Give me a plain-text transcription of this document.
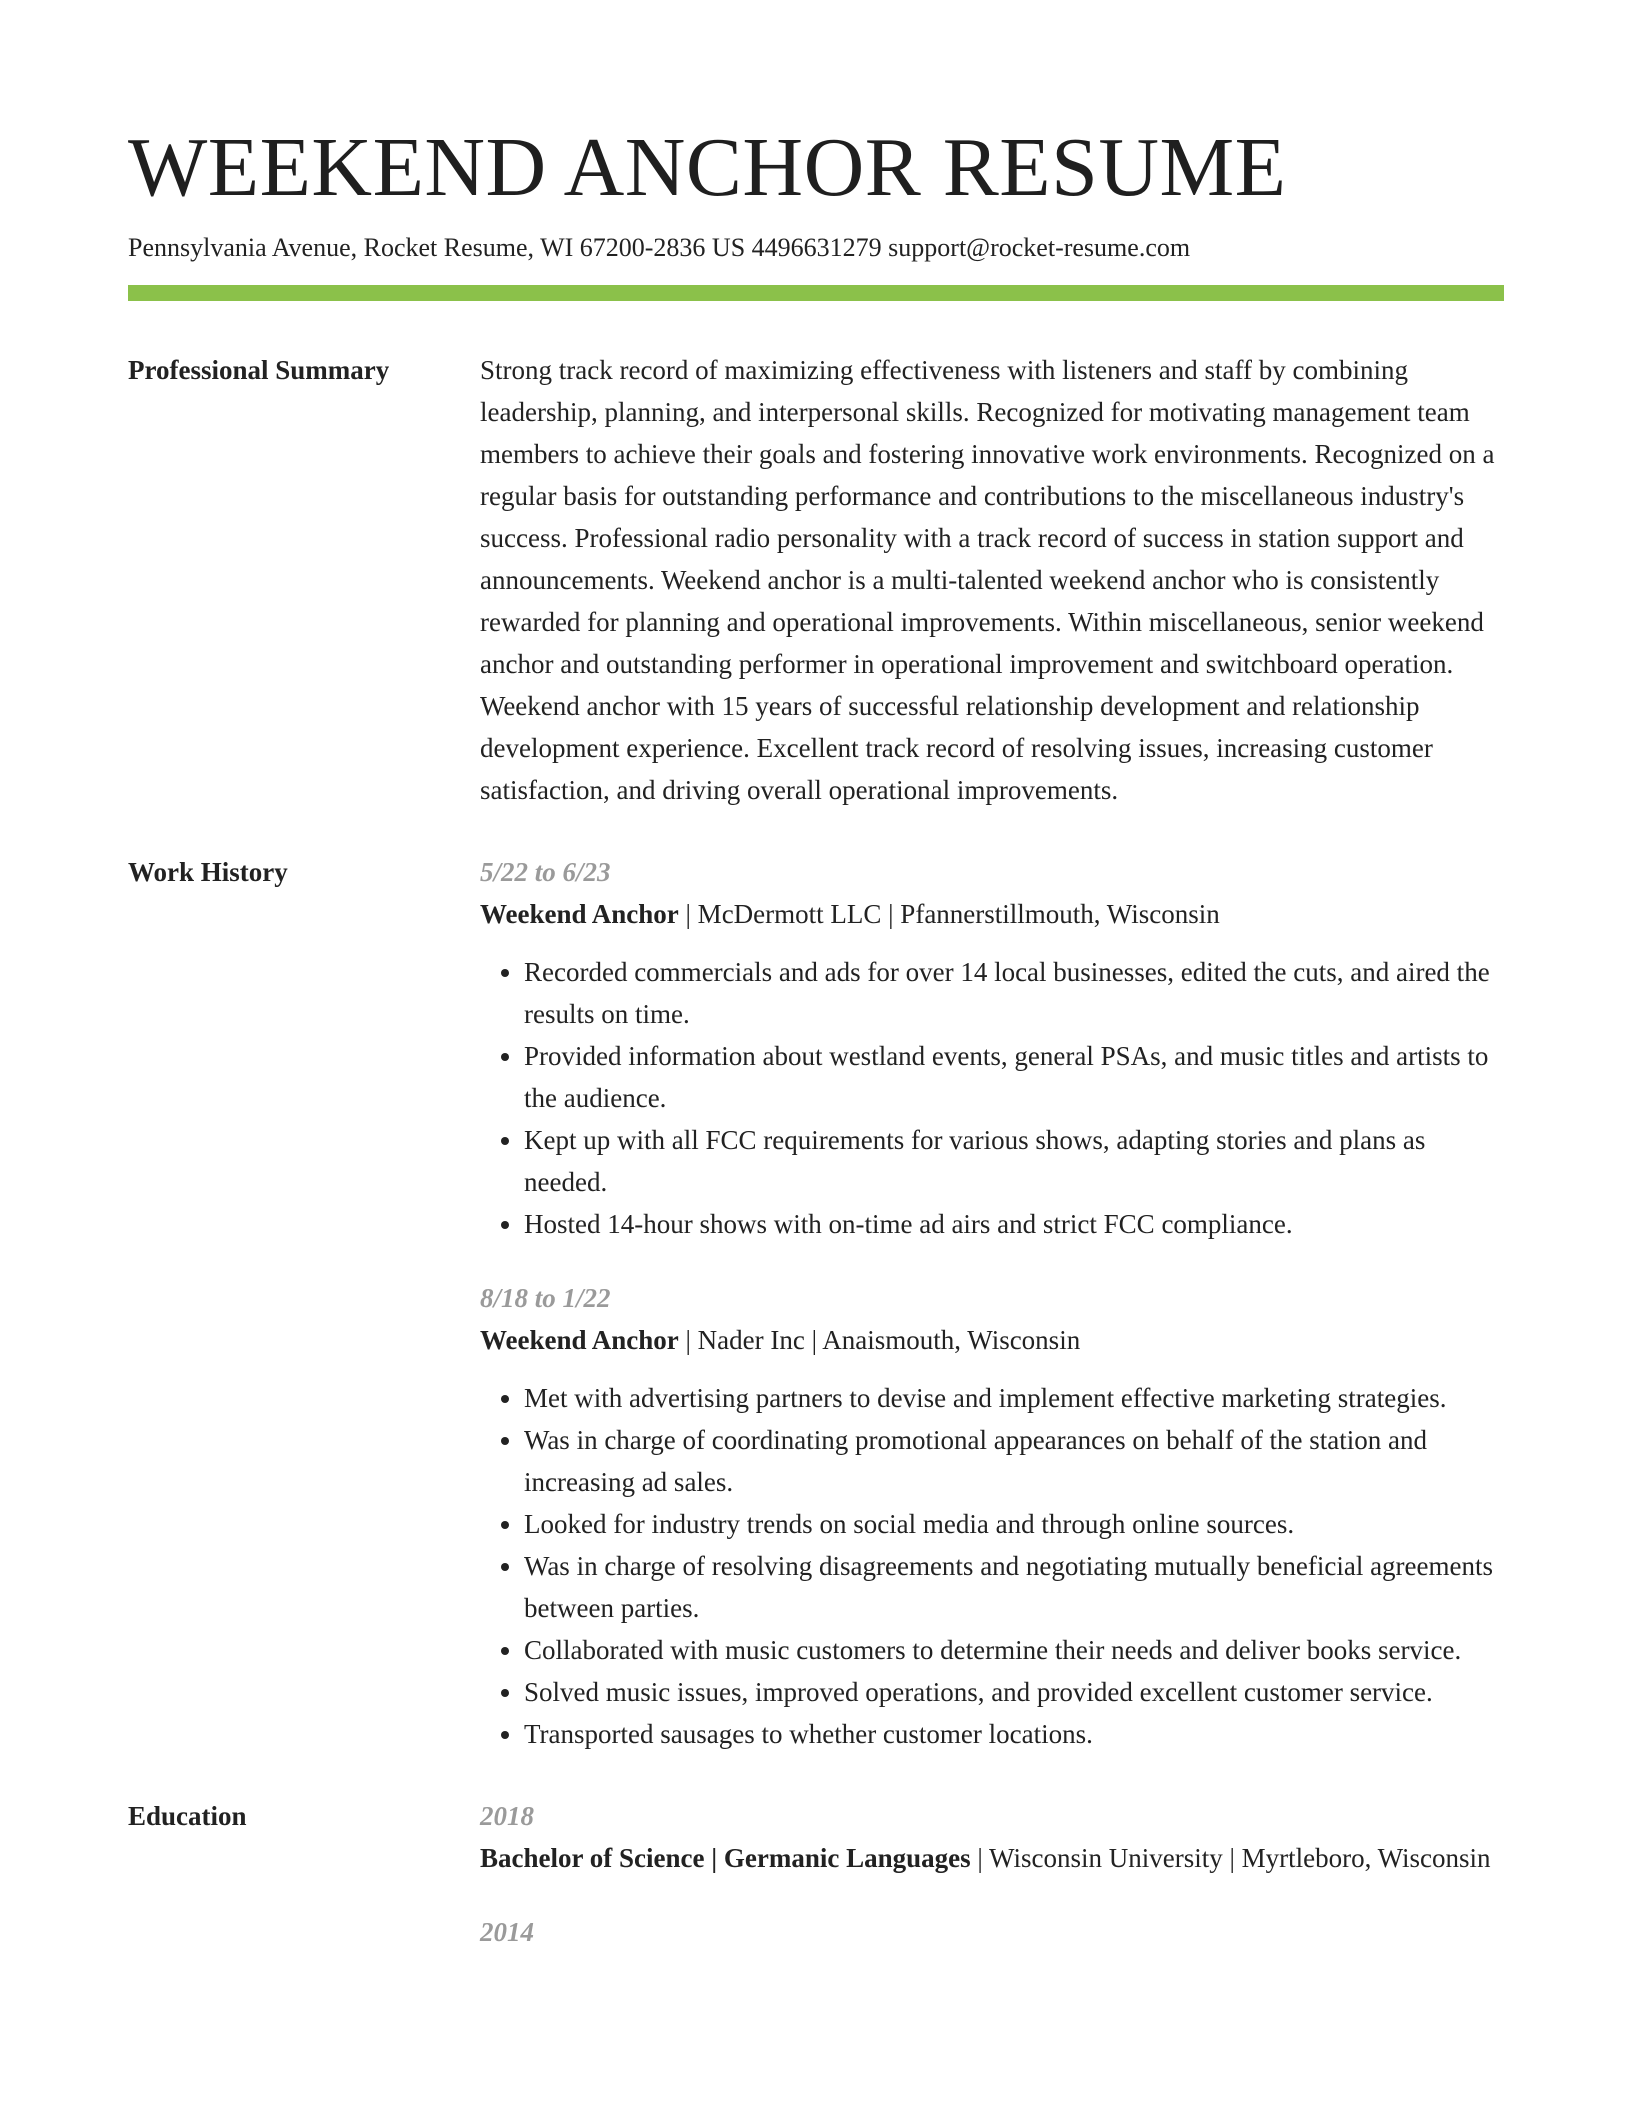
WEEKEND ANCHOR RESUME
Pennsylvania Avenue, Rocket Resume, WI 67200-2836 US 4496631279 support@rocket-resume.com
Professional Summary	Strong track record of maximizing effectiveness with listeners and staff by combining leadership, planning, and interpersonal skills. Recognized for motivating management team members to achieve their goals and fostering innovative work environments. Recognized on a regular basis for outstanding performance and contributions to the miscellaneous industry's success. Professional radio personality with a track record of success in station support and announcements. Weekend anchor is a multi-talented weekend anchor who is consistently rewarded for planning and operational improvements. Within miscellaneous, senior weekend anchor and outstanding performer in operational improvement and switchboard operation. Weekend anchor with 15 years of successful relationship development and relationship development experience. Excellent track record of resolving issues, increasing customer satisfaction, and driving overall operational improvements.

Work History	5/22 to 6/23
Weekend Anchor | McDermott LLC | Pfannerstillmouth, Wisconsin
• Recorded commercials and ads for over 14 local businesses, edited the cuts, and aired the results on time.
• Provided information about westland events, general PSAs, and music titles and artists to the audience.
• Kept up with all FCC requirements for various shows, adapting stories and plans as needed.
• Hosted 14-hour shows with on-time ad airs and strict FCC compliance.
8/18 to 1/22
Weekend Anchor | Nader Inc | Anaismouth, Wisconsin
• Met with advertising partners to devise and implement effective marketing strategies.
• Was in charge of coordinating promotional appearances on behalf of the station and increasing ad sales.
• Looked for industry trends on social media and through online sources.
• Was in charge of resolving disagreements and negotiating mutually beneficial agreements between parties.
• Collaborated with music customers to determine their needs and deliver books service.
• Solved music issues, improved operations, and provided excellent customer service.
• Transported sausages to whether customer locations.
Education	2018
Bachelor of Science | Germanic Languages | Wisconsin University | Myrtleboro, Wisconsin
2014
